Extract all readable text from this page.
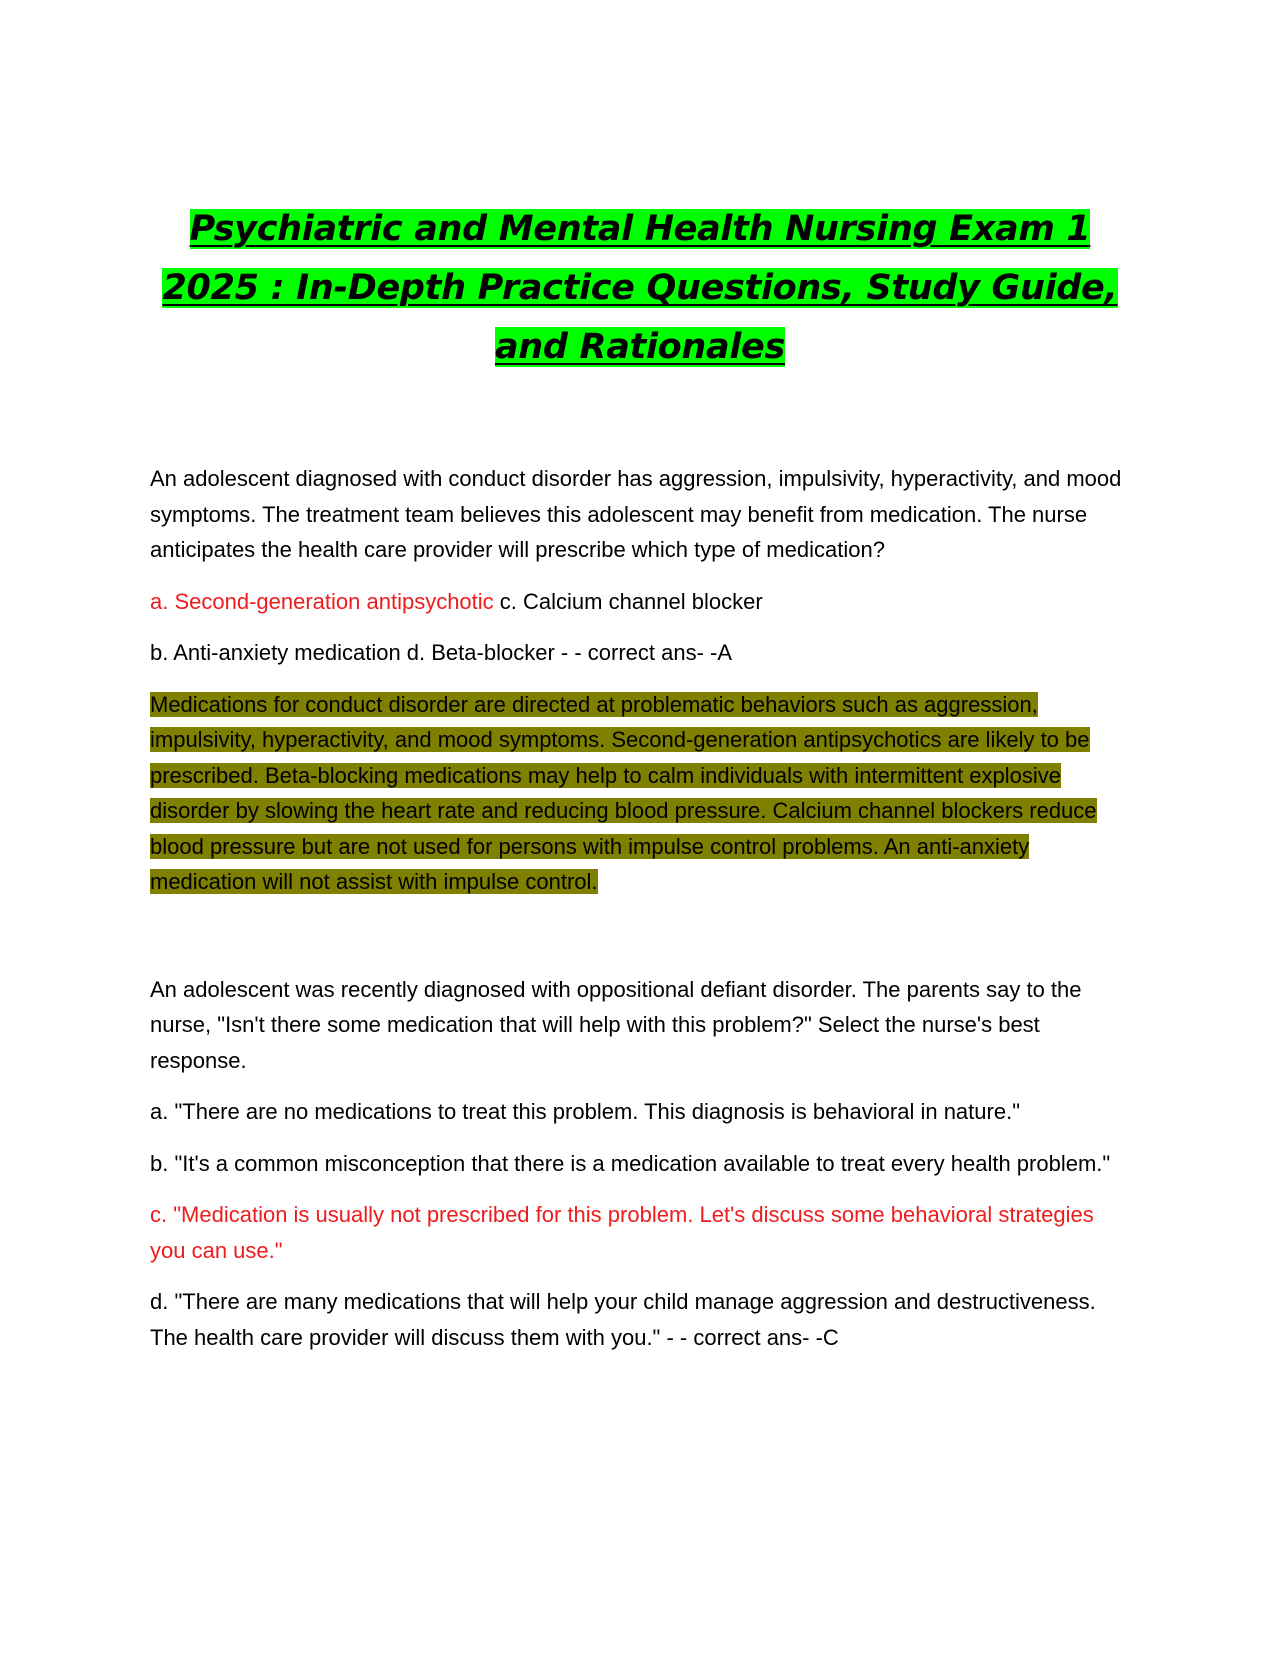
Psychiatric and Mental Health Nursing Exam 1 2025 : In-Depth Practice Questions, Study Guide, and Rationales

An adolescent diagnosed with conduct disorder has aggression, impulsivity, hyperactivity, and mood symptoms. The treatment team believes this adolescent may benefit from medication. The nurse anticipates the health care provider will prescribe which type of medication?

a. Second-generation antipsychotic c. Calcium channel blocker

b. Anti-anxiety medication d. Beta-blocker - - correct ans- -A

Medications for conduct disorder are directed at problematic behaviors such as aggression, impulsivity, hyperactivity, and mood symptoms. Second-generation antipsychotics are likely to be prescribed. Beta-blocking medications may help to calm individuals with intermittent explosive disorder by slowing the heart rate and reducing blood pressure. Calcium channel blockers reduce blood pressure but are not used for persons with impulse control problems. An anti-anxiety medication will not assist with impulse control.

An adolescent was recently diagnosed with oppositional defiant disorder. The parents say to the nurse, "Isn't there some medication that will help with this problem?" Select the nurse's best response.

a. "There are no medications to treat this problem. This diagnosis is behavioral in nature."

b. "It's a common misconception that there is a medication available to treat every health problem."

c. "Medication is usually not prescribed for this problem. Let's discuss some behavioral strategies you can use."

d. "There are many medications that will help your child manage aggression and destructiveness. The health care provider will discuss them with you." - - correct ans- -C
